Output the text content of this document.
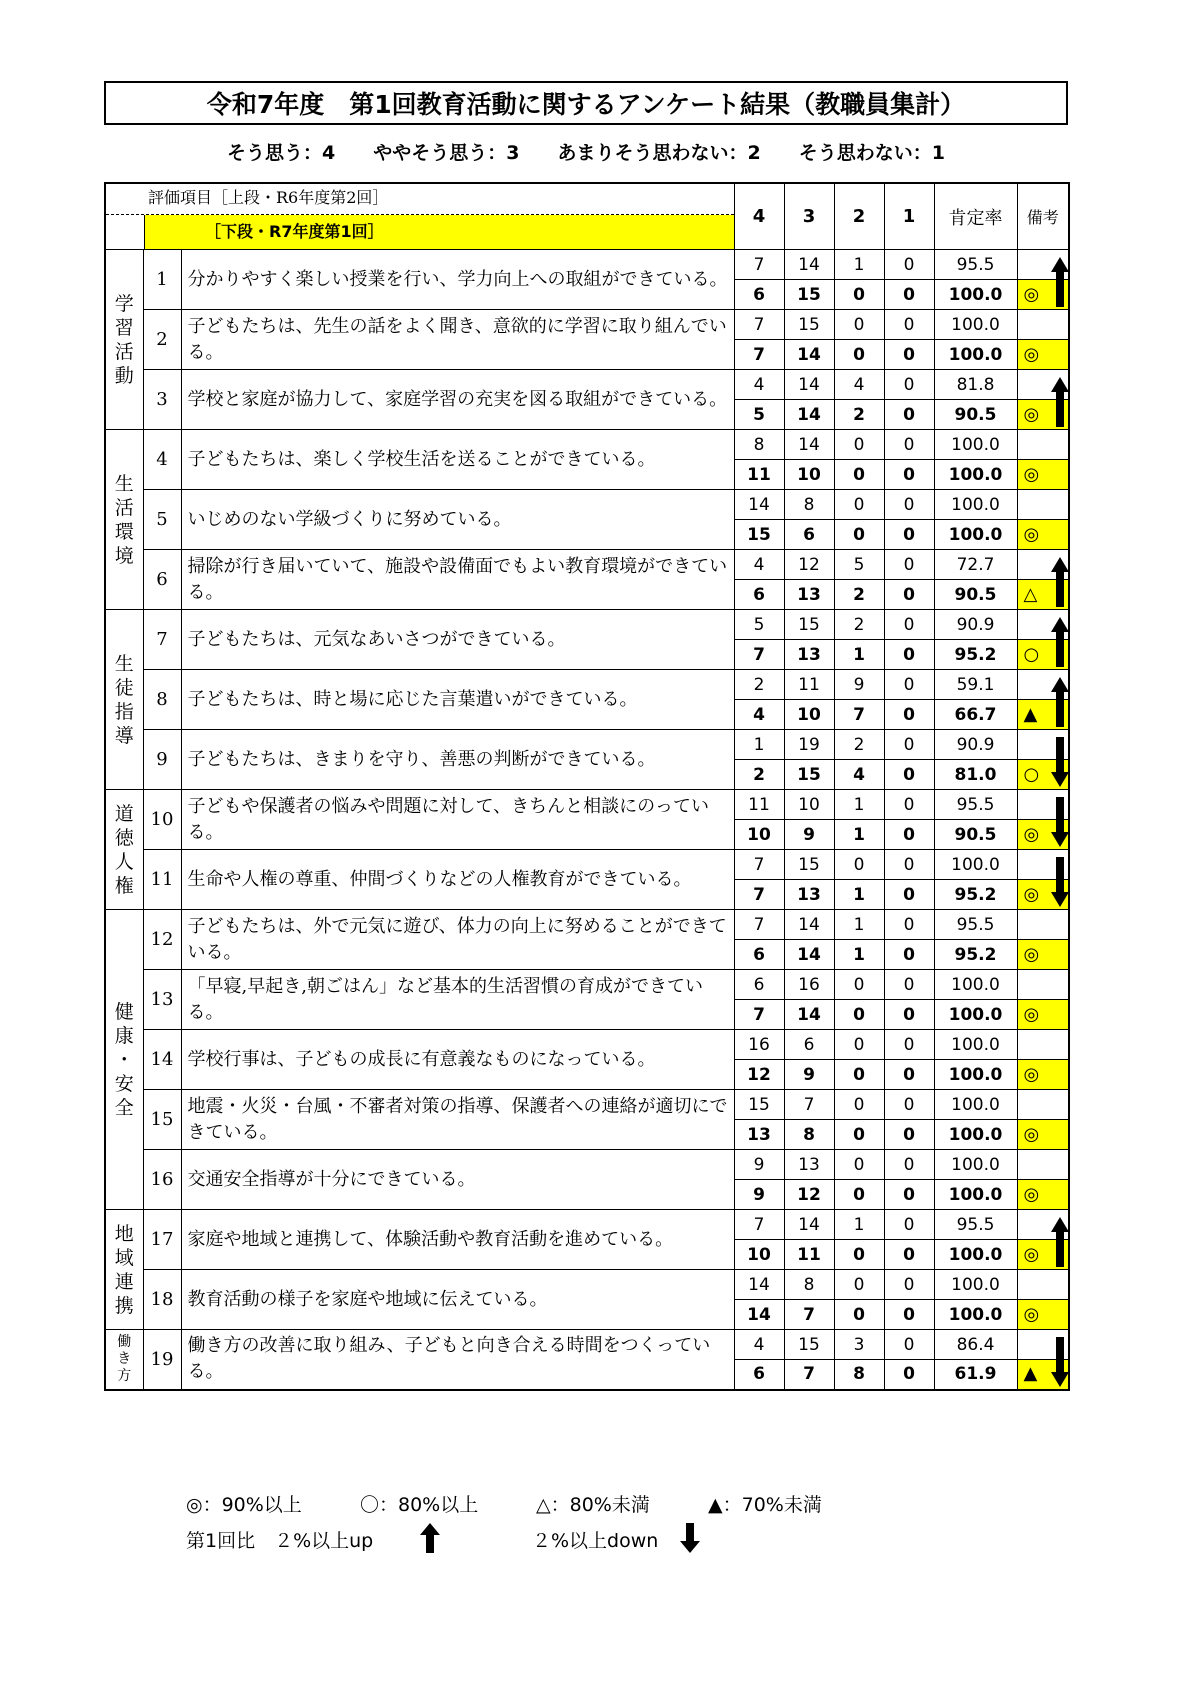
令和7年度　第1回教育活動に関するアンケート結果（教職員集計）
そう思う：4　　ややそう思う：3　　あまりそう思わない：2　　そう思わない：1
評価項目［上段・R6年度第2回］
［下段・R7年度第1回］			4	3	2	1	肯定率	備考

学
習
活
動	1	分かりやすく楽しい授業を行い、学力向上への取組ができている。	7	14	1	0	95.5	

			6	15	0	0	100.0	◎

	2	子どもたちは、先生の話をよく聞き、意欲的に学習に取り組んでいる。	7	15	0	0	100.0	
			7	14	0	0	100.0	◎

	3	学校と家庭が協力して、家庭学習の充実を図る取組ができている。	4	14	4	0	81.8	

			5	14	2	0	90.5	◎

生
活
環
境	4	子どもたちは、楽しく学校生活を送ることができている。	8	14	0	0	100.0	
			11	10	0	0	100.0	◎

	5	いじめのない学級づくりに努めている。	14	8	0	0	100.0	
			15	6	0	0	100.0	◎

	6	掃除が行き届いていて、施設や設備面でもよい教育環境ができている。	4	12	5	0	72.7	

			6	13	2	0	90.5	△

生
徒
指
導	7	子どもたちは、元気なあいさつができている。	5	15	2	0	90.9	

			7	13	1	0	95.2	○

	8	子どもたちは、時と場に応じた言葉遣いができている。	2	11	9	0	59.1	

			4	10	7	0	66.7	▲

	9	子どもたちは、きまりを守り、善悪の判断ができている。	1	19	2	0	90.9	
			2	15	4	0	81.0	○

道
徳
人
権	10	子どもや保護者の悩みや問題に対して、きちんと相談にのっている。	11	10	1	0	95.5	
			10	9	1	0	90.5	◎

	11	生命や人権の尊重、仲間づくりなどの人権教育ができている。	7	15	0	0	100.0	
			7	13	1	0	95.2	◎

健
康
・
安
全	12	子どもたちは、外で元気に遊び、体力の向上に努めることができている。	7	14	1	0	95.5	
			6	14	1	0	95.2	◎

	13	「早寝,早起き,朝ごはん」など基本的生活習慣の育成ができている。	6	16	0	0	100.0	
			7	14	0	0	100.0	◎

	14	学校行事は、子どもの成長に有意義なものになっている。	16	6	0	0	100.0	
			12	9	0	0	100.0	◎

	15	地震・火災・台風・不審者対策の指導、保護者への連絡が適切にできている。	15	7	0	0	100.0	
			13	8	0	0	100.0	◎

	16	交通安全指導が十分にできている。	9	13	0	0	100.0	
			9	12	0	0	100.0	◎

地
域
連
携	17	家庭や地域と連携して、体験活動や教育活動を進めている。	7	14	1	0	95.5	

			10	11	0	0	100.0	◎

	18	教育活動の様子を家庭や地域に伝えている。	14	8	0	0	100.0	
			14	7	0	0	100.0	◎

働
き
方	19	働き方の改善に取り組み、子どもと向き合える時間をつくっている。	4	15	3	0	86.4	
			6	7	8	0	61.9	▲
◎：90%以上	〇：80%以上	△：80%未満	▲：70%未満
第1回比　２%以上up	２%以上down
